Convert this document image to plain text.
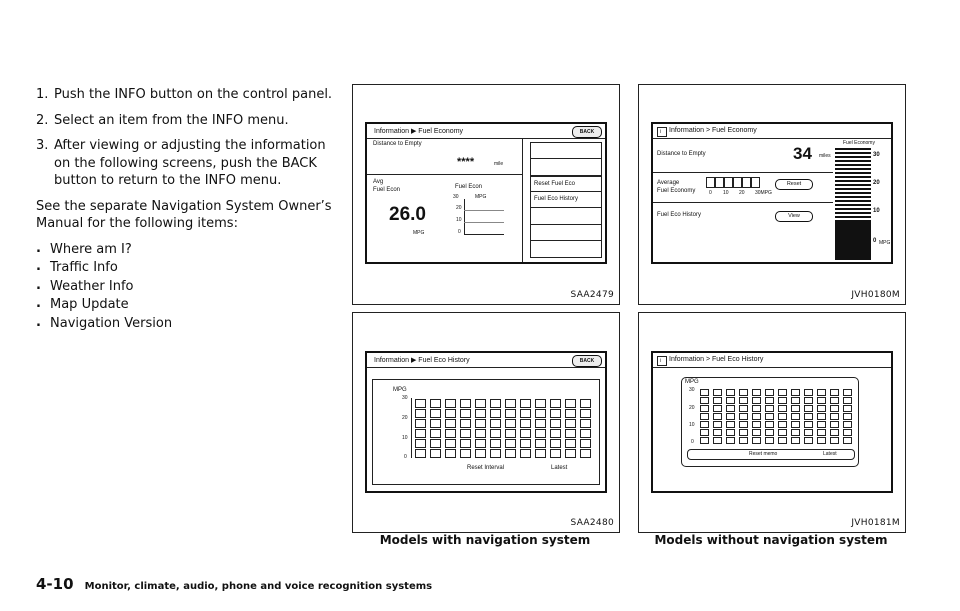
1. Push the INFO button on the control panel.
2. Select an item from the INFO menu.
3. After viewing or adjusting the information on the following screens, push the BACK button to return to the INFO menu.

See the separate Navigation System Owner’s Manual for the following items:

. Where am I?
. Traffic Info
. Weather Info
. Map Update
. Navigation Version
Information ▶ Fuel Economy	BACK
Distance to Empty
****	mile
Avg
Fuel Econ
26.0
MPG
Fuel Econ
30	MPG
20
10
0
Reset Fuel Eco
Fuel Eco History
SAA2479
i Information > Fuel Economy
Distance to Empty	34 miles
Average
Fuel Economy	0 10 20 30MPG
Reset
Fuel Eco History	View
Fuel Economy
30
20
10
0 MPG
JVH0180M
Information ▶ Fuel Eco History	BACK
MPG
30
20
10
0
Reset Interval	Latest
SAA2480
i Information > Fuel Eco History
MPG
30
20
10
0
Reset memo	Latest
JVH0181M
Models with navigation system	Models without navigation system
4-10 Monitor, climate, audio, phone and voice recognition systems
